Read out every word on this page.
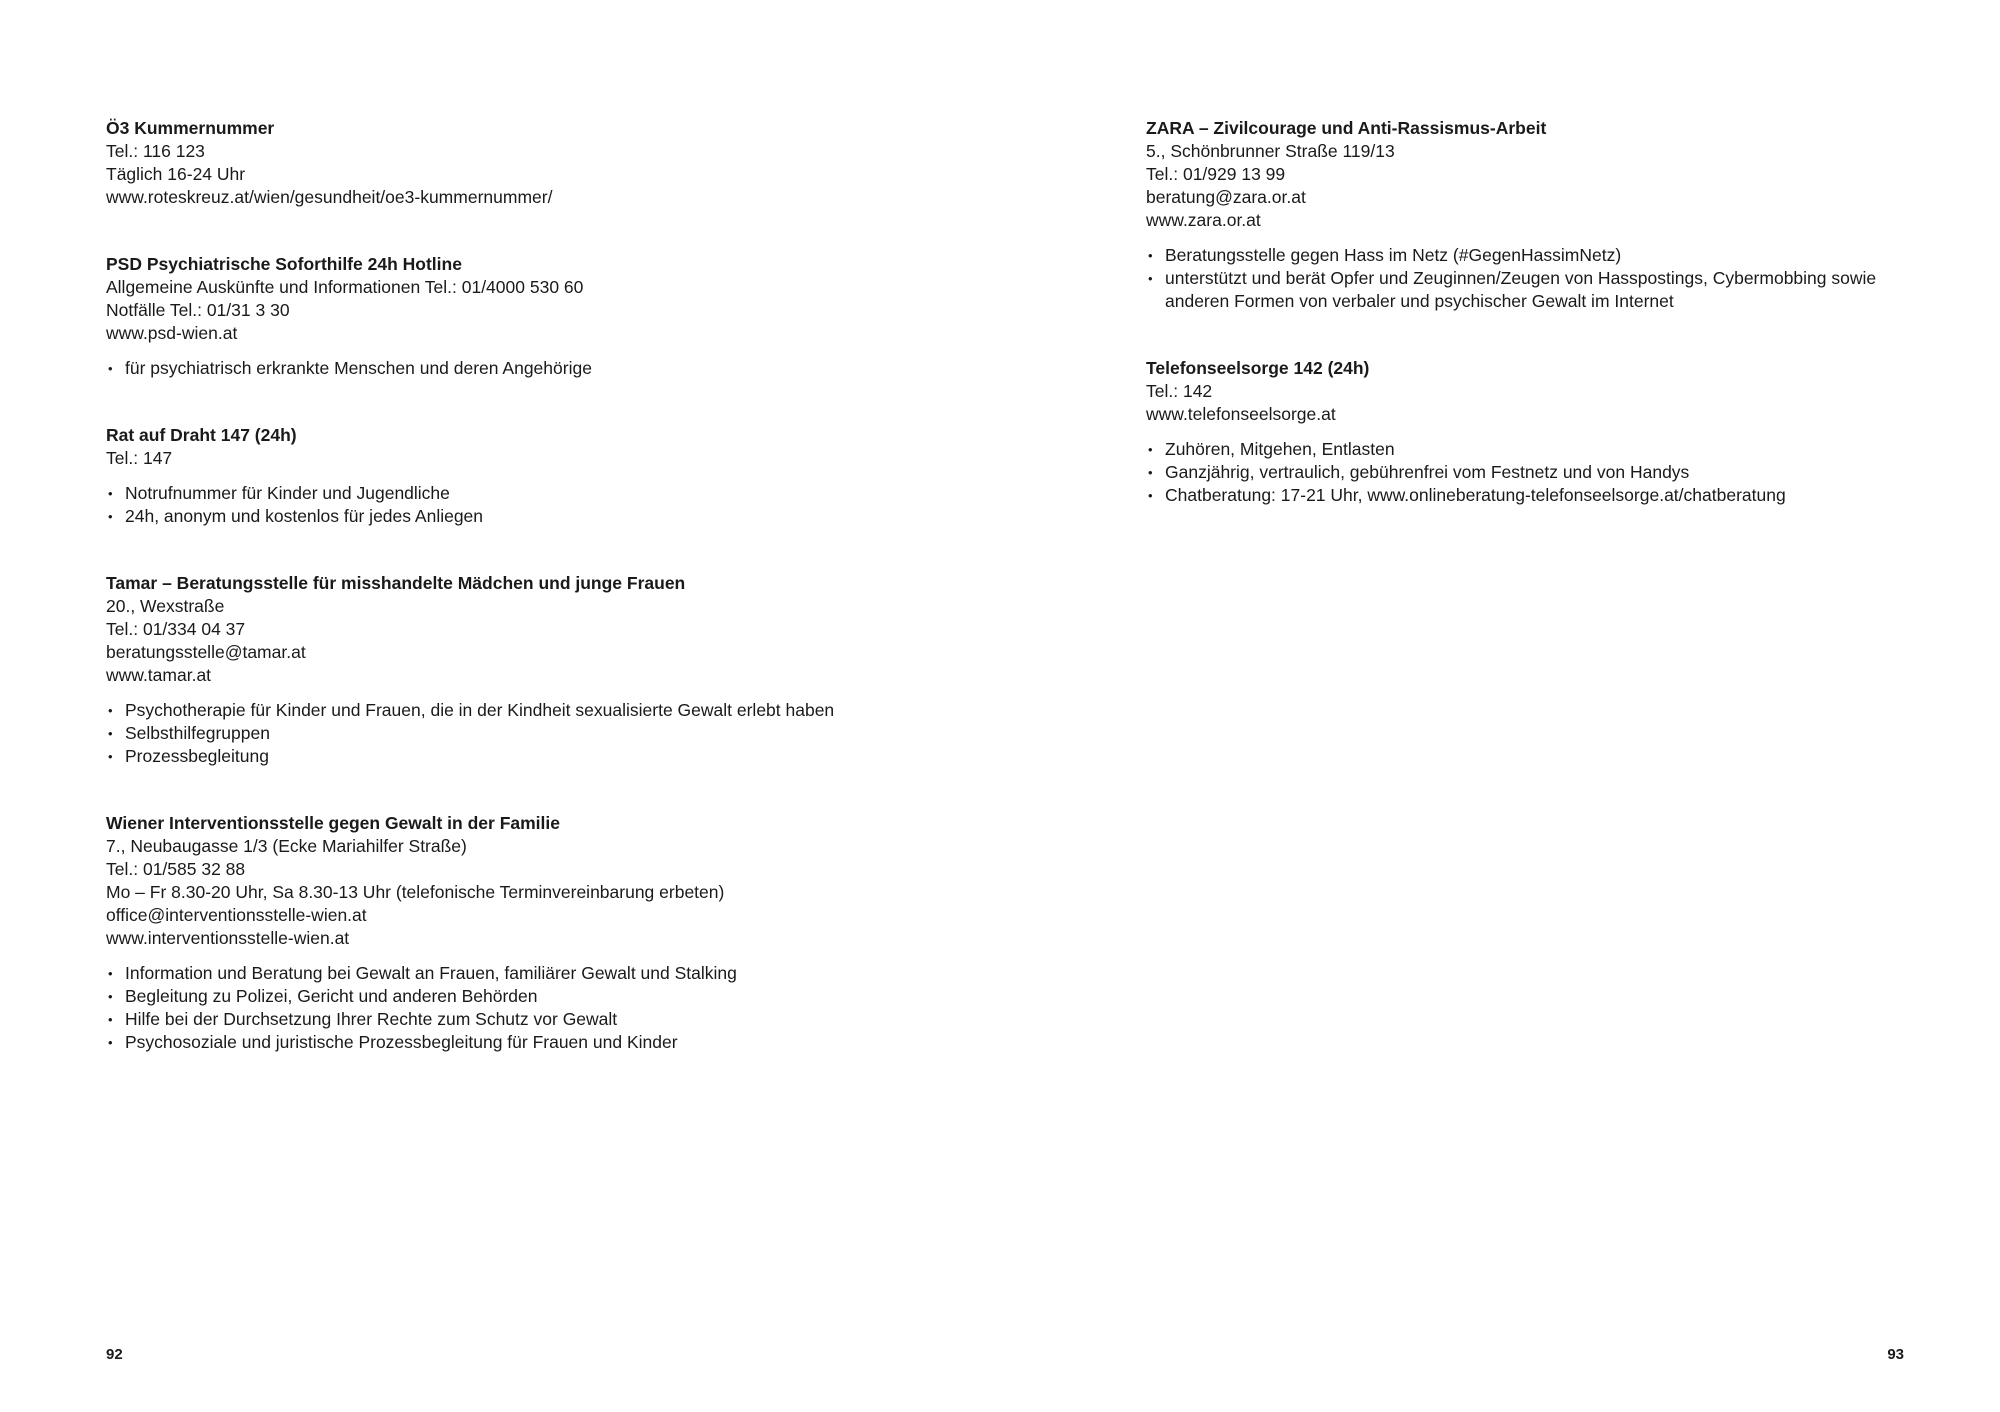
Ö3 Kummernummer
Tel.: 116 123
Täglich 16-24 Uhr
www.roteskreuz.at/wien/gesundheit/oe3-kummernummer/
PSD Psychiatrische Soforthilfe 24h Hotline
Allgemeine Auskünfte und Informationen Tel.: 01/4000 530 60
Notfälle Tel.: 01/31 3 30
www.psd-wien.at
• für psychiatrisch erkrankte Menschen und deren Angehörige
Rat auf Draht 147 (24h)
Tel.: 147
• Notrufnummer für Kinder und Jugendliche
• 24h, anonym und kostenlos für jedes Anliegen
Tamar – Beratungsstelle für misshandelte Mädchen und junge Frauen
20., Wexstraße
Tel.: 01/334 04 37
beratungsstelle@tamar.at
www.tamar.at
• Psychotherapie für Kinder und Frauen, die in der Kindheit sexualisierte Gewalt erlebt haben
• Selbsthilfegruppen
• Prozessbegleitung
Wiener Interventionsstelle gegen Gewalt in der Familie
7., Neubaugasse 1/3 (Ecke Mariahilfer Straße)
Tel.: 01/585 32 88
Mo – Fr 8.30-20 Uhr, Sa 8.30-13 Uhr (telefonische Terminvereinbarung erbeten)
office@interventionsstelle-wien.at
www.interventionsstelle-wien.at
• Information und Beratung bei Gewalt an Frauen, familiärer Gewalt und Stalking
• Begleitung zu Polizei, Gericht und anderen Behörden
• Hilfe bei der Durchsetzung Ihrer Rechte zum Schutz vor Gewalt
• Psychosoziale und juristische Prozessbegleitung für Frauen und Kinder
92
ZARA – Zivilcourage und Anti-Rassismus-Arbeit
5., Schönbrunner Straße 119/13
Tel.: 01/929 13 99
beratung@zara.or.at
www.zara.or.at
• Beratungsstelle gegen Hass im Netz (#GegenHassimNetz)
• unterstützt und berät Opfer und Zeuginnen/Zeugen von Hasspostings, Cybermobbing sowie anderen Formen von verbaler und psychischer Gewalt im Internet
Telefonseelsorge 142 (24h)
Tel.: 142
www.telefonseelsorge.at
• Zuhören, Mitgehen, Entlasten
• Ganzjährig, vertraulich, gebührenfrei vom Festnetz und von Handys
• Chatberatung: 17-21 Uhr, www.onlineberatung-telefonseelsorge.at/chatberatung
93
